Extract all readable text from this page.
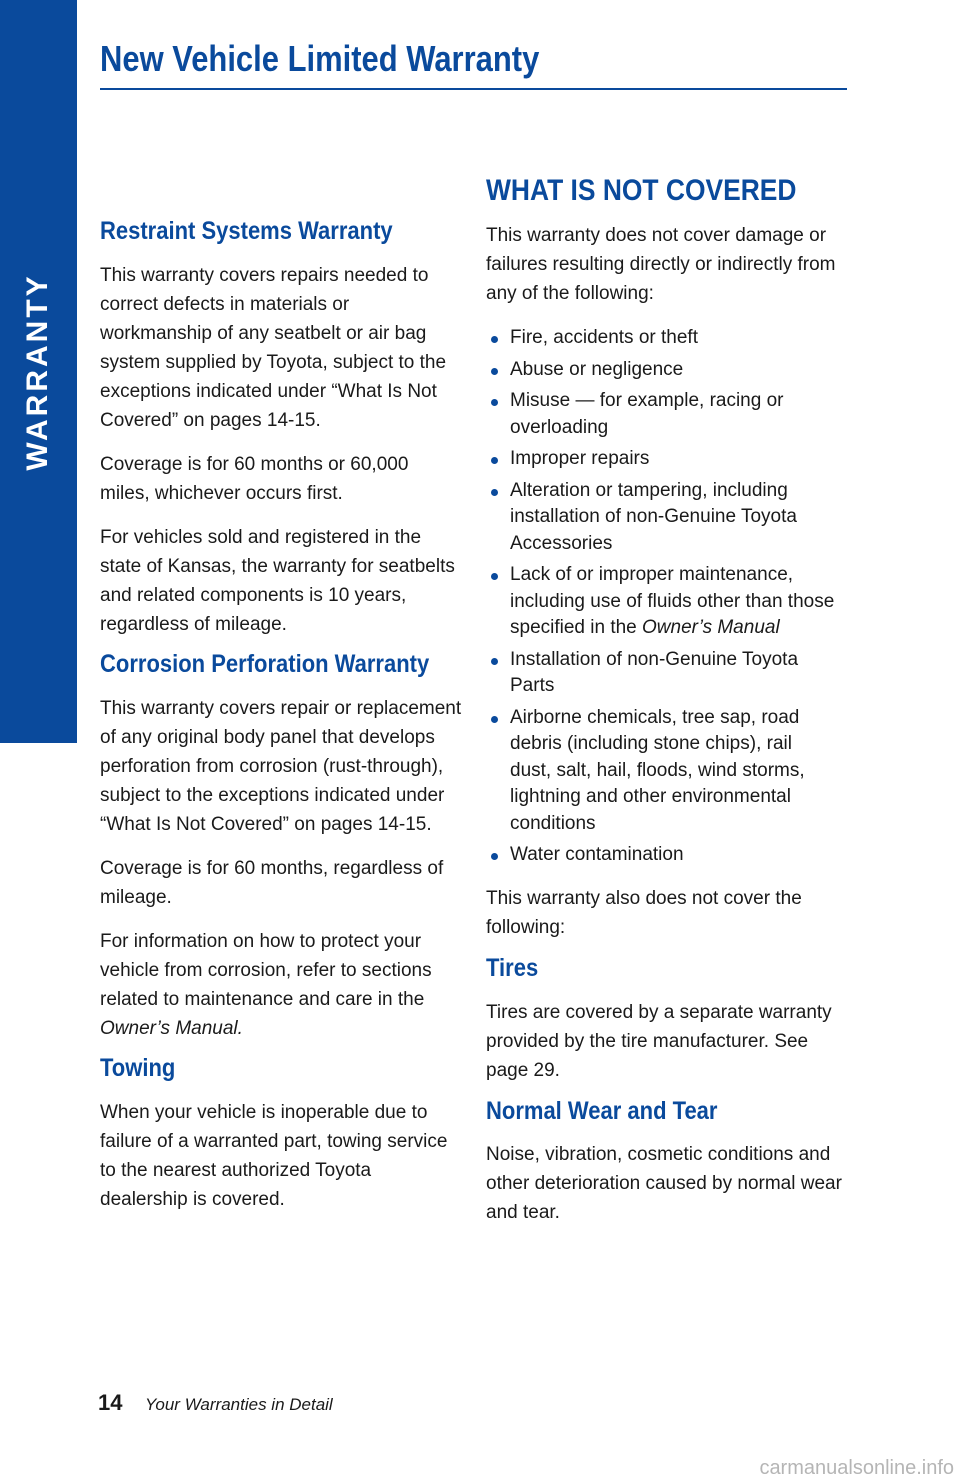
WARRANTY
New Vehicle Limited Warranty
Restraint Systems Warranty

This warranty covers repairs needed to correct defects in materials or workmanship of any seatbelt or air bag system supplied by Toyota, subject to the exceptions indicated under “What Is Not Covered” on pages 14-15.

Coverage is for 60 months or 60,000 miles, whichever occurs first.

For vehicles sold and registered in the state of Kansas, the warranty for seatbelts and related components is 10 years, regardless of mileage.

Corrosion Perforation Warranty

This warranty covers repair or replacement of any original body panel that develops perforation from corrosion (rust-through), subject to the exceptions indicated under “What Is Not Covered” on pages 14-15.

Coverage is for 60 months, regardless of mileage.

For information on how to protect your vehicle from corrosion, refer to sections related to maintenance and care in the Owner’s Manual.

Towing

When your vehicle is inoperable due to failure of a warranted part, towing service to the nearest authorized Toyota dealership is covered.

WHAT IS NOT COVERED

This warranty does not cover damage or failures resulting directly or indirectly from any of the following:

Fire, accidents or theft
Abuse or negligence
Misuse — for example, racing or overloading
Improper repairs
Alteration or tampering, including installation of non-Genuine Toyota Accessories
Lack of or improper maintenance, including use of fluids other than those specified in the Owner’s Manual
Installation of non-Genuine Toyota Parts
Airborne chemicals, tree sap, road debris (including stone chips), rail dust, salt, hail, floods, wind storms, lightning and other environmental conditions
Water contamination

This warranty also does not cover the following:

Tires

Tires are covered by a separate warranty provided by the tire manufacturer. See page 29.

Normal Wear and Tear

Noise, vibration, cosmetic conditions and other deterioration caused by normal wear and tear.

14 Your Warranties in Detail
carmanualsonline.info
